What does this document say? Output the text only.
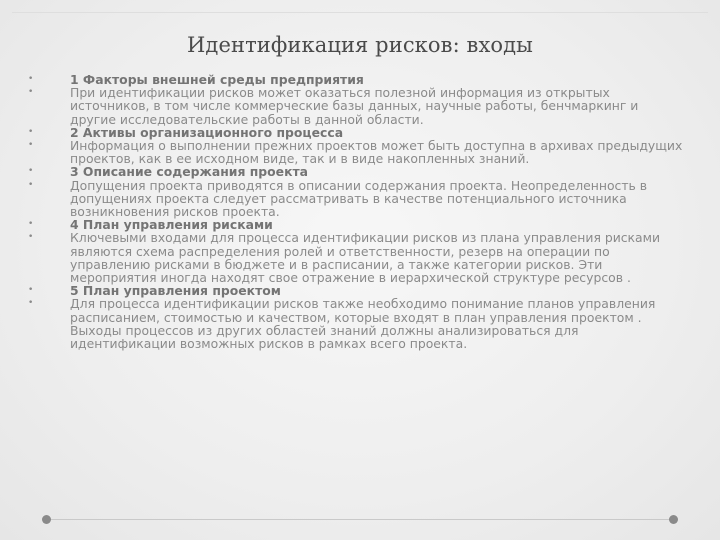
Идентификация рисков: входы
•	1 Факторы внешней среды предприятия
•	При идентификации рисков может оказаться полезной информация из открытых источников, в том числе коммерческие базы данных, научные работы, бенчмаркинг и другие исследовательские работы в данной области.
•	2 Активы организационного процесса
•	Информация о выполнении прежних проектов может быть доступна в архивах предыдущих проектов, как в ее исходном виде, так и в виде накопленных знаний.
•	3 Описание содержания проекта
•	Допущения проекта приводятся в описании содержания проекта. Неопределенность в допущениях проекта следует рассматривать в качестве потенциального источника возникновения рисков проекта.
•	4 План управления рисками
•	Ключевыми входами для процесса идентификации рисков из плана управления рисками являются схема распределения ролей и ответственности, резерв на операции по управлению рисками в бюджете и в расписании, а также категории рисков. Эти мероприятия иногда находят свое отражение в иерархической структуре ресурсов .
•	5 План управления проектом
•	Для процесса идентификации рисков также необходимо понимание планов управления расписанием, стоимостью и качеством, которые входят в план управления проектом . Выходы процессов из других областей знаний должны анализироваться для идентификации возможных рисков в рамках всего проекта.
